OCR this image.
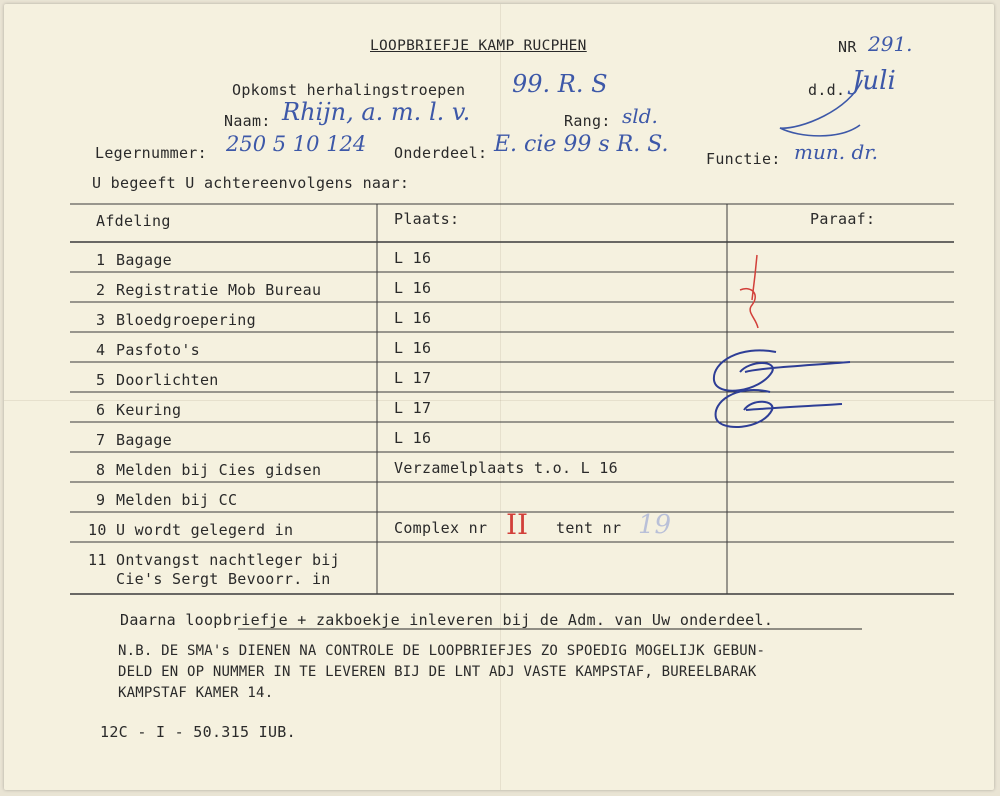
LOOPBRIEFJE KAMP RUCPHEN	NR 291.
Opkomst herhalingstroepen 99. R. S	d.d. Juli
Naam: Rhijn, a. m. l. v.	Rang: sld.
Legernummer: 250 5 10 124 Onderdeel: E. cie 99 s R. S.
Functie: mun. dr.
U begeeft U achtereenvolgens naar:
Afdeling	Plaats:	Paraaf:
1 Bagage	L 16
2 Registratie Mob Bureau	L 16
3 Bloedgroepering	L 16
4 Pasfoto's	L 16
5 Doorlichten	L 17
6 Keuring	L 17
7 Bagage	L 16
8 Melden bij Cies gidsen	Verzamelplaats t.o. L 16
9 Melden bij CC
10 U wordt gelegerd in	Complex nr II tent nr 19
11 Ontvangst nachtleger bij
Cie's Sergt Bevoorr. in
Daarna loopbriefje + zakboekje inleveren bij de Adm. van Uw onderdeel.
N.B. DE SMA's DIENEN NA CONTROLE DE LOOPBRIEFJES ZO SPOEDIG MOGELIJK GEBUN-
DELD EN OP NUMMER IN TE LEVEREN BIJ DE LNT ADJ VASTE KAMPSTAF, BUREELBARAK
KAMPSTAF KAMER 14.
12C - I - 50.315 IUB.
